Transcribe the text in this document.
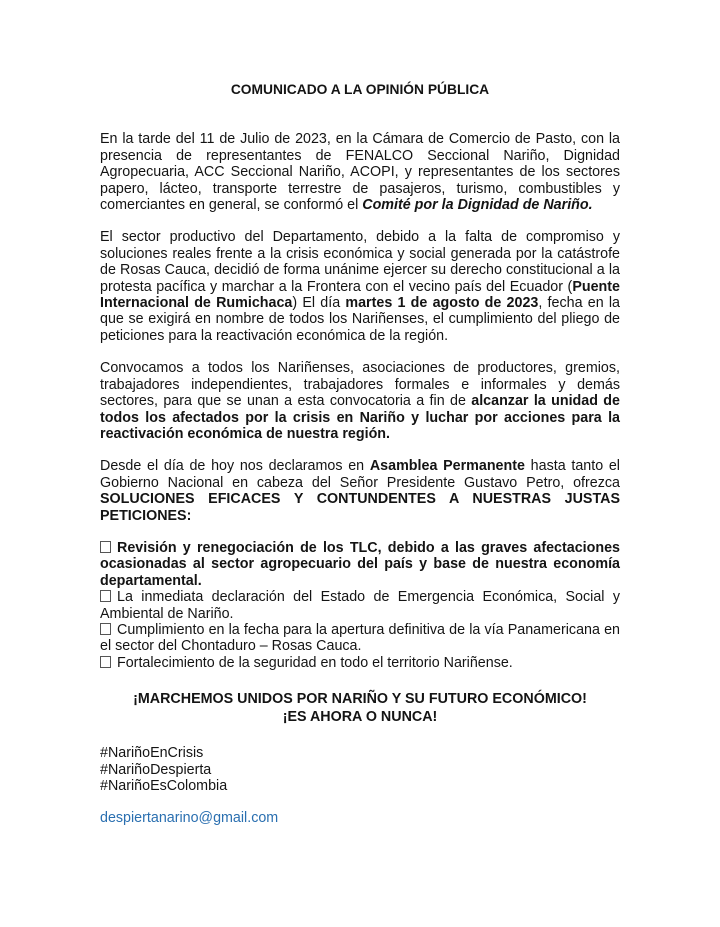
COMUNICADO A LA OPINIÓN PÚBLICA

En la tarde del 11 de Julio de 2023, en la Cámara de Comercio de Pasto, con la presencia de representantes de FENALCO Seccional Nariño, Dignidad Agropecuaria, ACC Seccional Nariño, ACOPI, y representantes de los sectores papero, lácteo, transporte terrestre de pasajeros, turismo, combustibles y comerciantes en general, se conformó el Comité por la Dignidad de Nariño.

El sector productivo del Departamento, debido a la falta de compromiso y soluciones reales frente a la crisis económica y social generada por la catástrofe de Rosas Cauca, decidió de forma unánime ejercer su derecho constitucional a la protesta pacífica y marchar a la Frontera con el vecino país del Ecuador (Puente Internacional de Rumichaca) El día martes 1 de agosto de 2023, fecha en la que se exigirá en nombre de todos los Nariñenses, el cumplimiento del pliego de peticiones para la reactivación económica de la región.

Convocamos a todos los Nariñenses, asociaciones de productores, gremios, trabajadores independientes, trabajadores formales e informales y demás sectores, para que se unan a esta convocatoria a fin de alcanzar la unidad de todos los afectados por la crisis en Nariño y luchar por acciones para la reactivación económica de nuestra región.

Desde el día de hoy nos declaramos en Asamblea Permanente hasta tanto el Gobierno Nacional en cabeza del Señor Presidente Gustavo Petro, ofrezca SOLUCIONES EFICACES Y CONTUNDENTES A NUESTRAS JUSTAS PETICIONES:

Revisión y renegociación de los TLC, debido a las graves afectaciones ocasionadas al sector agropecuario del país y base de nuestra economía departamental.

La inmediata declaración del Estado de Emergencia Económica, Social y Ambiental de Nariño.

Cumplimiento en la fecha para la apertura definitiva de la vía Panamericana en el sector del Chontaduro – Rosas Cauca.

Fortalecimiento de la seguridad en todo el territorio Nariñense.

¡MARCHEMOS UNIDOS POR NARIÑO Y SU FUTURO ECONÓMICO!
¡ES AHORA O NUNCA!
#NariñoEnCrisis
#NariñoDespierta
#NariñoEsColombia
despiertanarino@gmail.com
